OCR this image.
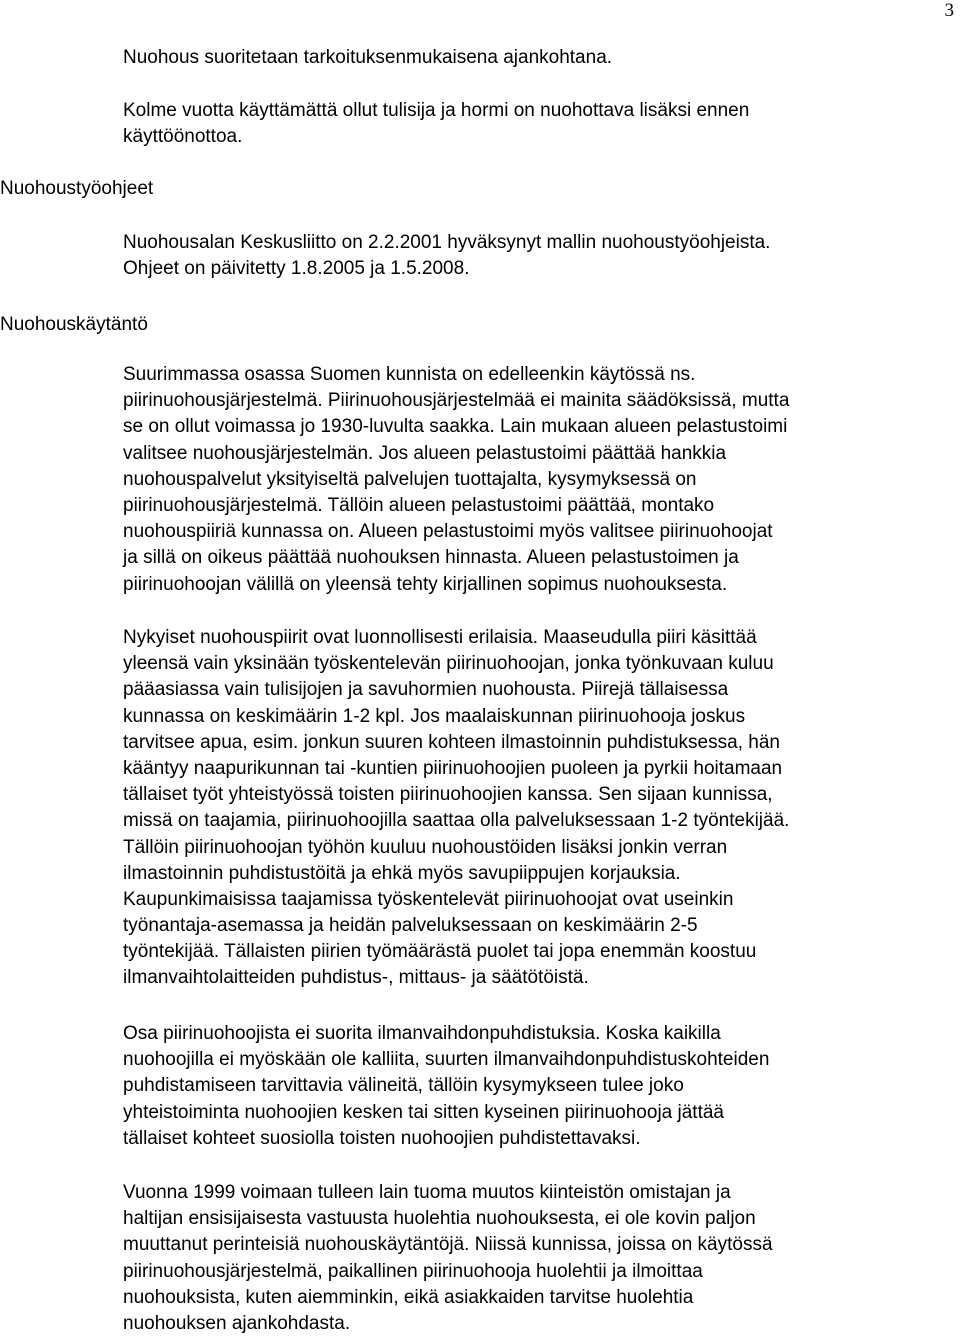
3
Nuohoustyöohjeet
Nuohouskäytäntö
Nuohous suoritetaan tarkoituksenmukaisena ajankohtana.
Kolme vuotta käyttämättä ollut tulisija ja hormi on nuohottava lisäksi ennen
käyttöönottoa.
Nuohousalan Keskusliitto on 2.2.2001 hyväksynyt mallin nuohoustyöohjeista.
Ohjeet on päivitetty 1.8.2005 ja 1.5.2008.
Suurimmassa osassa Suomen kunnista on edelleenkin käytössä ns.
piirinuohousjärjestelmä. Piirinuohousjärjestelmää ei mainita säädöksissä, mutta
se on ollut voimassa jo 1930-luvulta saakka. Lain mukaan alueen pelastustoimi
valitsee nuohousjärjestelmän. Jos alueen pelastustoimi päättää hankkia
nuohouspalvelut yksityiseltä palvelujen tuottajalta, kysymyksessä on
piirinuohousjärjestelmä. Tällöin alueen pelastustoimi päättää, montako
nuohouspiiriä kunnassa on. Alueen pelastustoimi myös valitsee piirinuohoojat
ja sillä on oikeus päättää nuohouksen hinnasta. Alueen pelastustoimen ja
piirinuohoojan välillä on yleensä tehty kirjallinen sopimus nuohouksesta.
Nykyiset nuohouspiirit ovat luonnollisesti erilaisia. Maaseudulla piiri käsittää
yleensä vain yksinään työskentelevän piirinuohoojan, jonka työnkuvaan kuluu
pääasiassa vain tulisijojen ja savuhormien nuohousta. Piirejä tällaisessa
kunnassa on keskimäärin 1-2 kpl. Jos maalaiskunnan piirinuohooja joskus
tarvitsee apua, esim. jonkun suuren kohteen ilmastoinnin puhdistuksessa, hän
kääntyy naapurikunnan tai -kuntien piirinuohoojien puoleen ja pyrkii hoitamaan
tällaiset työt yhteistyössä toisten piirinuohoojien kanssa. Sen sijaan kunnissa,
missä on taajamia, piirinuohoojilla saattaa olla palveluksessaan 1-2 työntekijää.
Tällöin piirinuohoojan työhön kuuluu nuohoustöiden lisäksi jonkin verran
ilmastoinnin puhdistustöitä ja ehkä myös savupiippujen korjauksia.
Kaupunkimaisissa taajamissa työskentelevät piirinuohoojat ovat useinkin
työnantaja-asemassa ja heidän palveluksessaan on keskimäärin 2-5
työntekijää. Tällaisten piirien työmäärästä puolet tai jopa enemmän koostuu
ilmanvaihtolaitteiden puhdistus-, mittaus- ja säätötöistä.
Osa piirinuohoojista ei suorita ilmanvaihdonpuhdistuksia. Koska kaikilla
nuohoojilla ei myöskään ole kalliita, suurten ilmanvaihdonpuhdistuskohteiden
puhdistamiseen tarvittavia välineitä, tällöin kysymykseen tulee joko
yhteistoiminta nuohoojien kesken tai sitten kyseinen piirinuohooja jättää
tällaiset kohteet suosiolla toisten nuohoojien puhdistettavaksi.
Vuonna 1999 voimaan tulleen lain tuoma muutos kiinteistön omistajan ja
haltijan ensisijaisesta vastuusta huolehtia nuohouksesta, ei ole kovin paljon
muuttanut perinteisiä nuohouskäytäntöjä. Niissä kunnissa, joissa on käytössä
piirinuohousjärjestelmä, paikallinen piirinuohooja huolehtii ja ilmoittaa
nuohouksista, kuten aiemminkin, eikä asiakkaiden tarvitse huolehtia
nuohouksen ajankohdasta.
